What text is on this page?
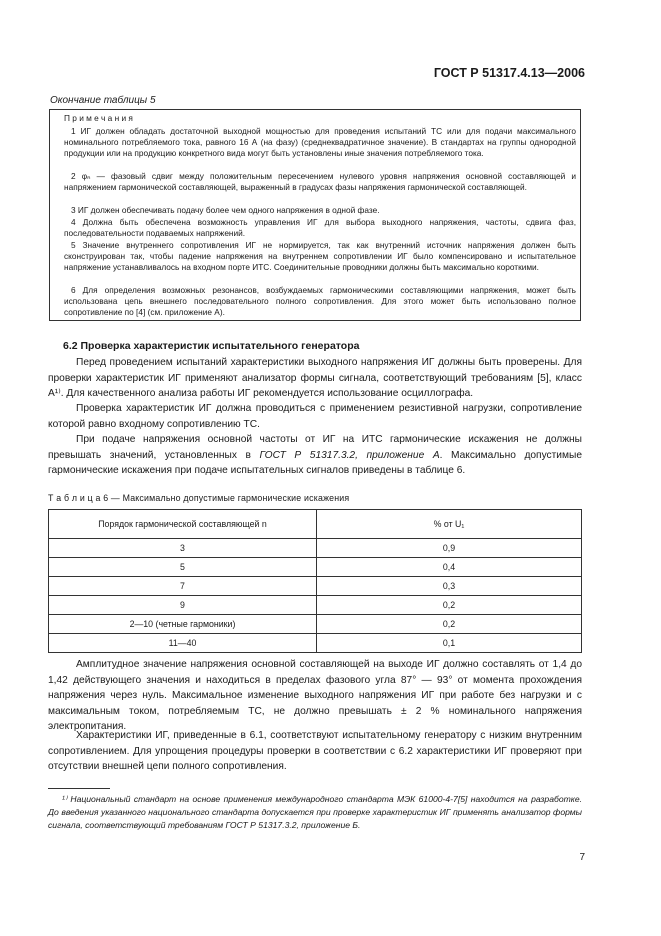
ГОСТ Р 51317.4.13—2006
Окончание таблицы 5
П р и м е ч а н и я
1 ИГ должен обладать достаточной выходной мощностью для проведения испытаний ТС или для подачи максимального номинального потребляемого тока, равного 16 А (на фазу) (среднеквадратичное значение). В стандартах на группы однородной продукции или на продукцию конкретного вида могут быть установлены иные значения потребляемого тока.
2 φₙ — фазовый сдвиг между положительным пересечением нулевого уровня напряжения основной составляющей и напряжением гармонической составляющей, выраженный в градусах фазы напряжения гармонической составляющей.
3 ИГ должен обеспечивать подачу более чем одного напряжения в одной фазе.
4 Должна быть обеспечена возможность управления ИГ для выбора выходного напряжения, частоты, сдвига фаз, последовательности подаваемых напряжений.
5 Значение внутреннего сопротивления ИГ не нормируется, так как внутренний источник напряжения должен быть сконструирован так, чтобы падение напряжения на внутреннем сопротивлении ИГ было компенсировано и испытательное напряжение устанавливалось на входном порте ИТС. Соединительные проводники должны быть максимально короткими.
6 Для определения возможных резонансов, возбуждаемых гармоническими составляющими напряжения, может быть использована цепь внешнего последовательного полного сопротивления. Для этого может быть использовано полное сопротивление по [4] (см. приложение А).
6.2 Проверка характеристик испытательного генератора
Перед проведением испытаний характеристики выходного напряжения ИГ должны быть проверены. Для проверки характеристик ИГ применяют анализатор формы сигнала, соответствующий требованиям [5], класс А¹⁾. Для качественного анализа работы ИГ рекомендуется использование осциллографа.
Проверка характеристик ИГ должна проводиться с применением резистивной нагрузки, сопротивление которой равно входному сопротивлению ТС.
При подаче напряжения основной частоты от ИГ на ИТС гармонические искажения не должны превышать значений, установленных в ГОСТ Р 51317.3.2, приложение А. Максимально допустимые гармонические искажения при подаче испытательных сигналов приведены в таблице 6.
Т а б л и ц а 6 — Максимально допустимые гармонические искажения
Порядок гармонической составляющей n	% от U₁
3	0,9
5	0,4
7	0,3
9	0,2
2—10 (четные гармоники)	0,2
11—40	0,1
Амплитудное значение напряжения основной составляющей на выходе ИГ должно составлять от 1,4 до 1,42 действующего значения и находиться в пределах фазового угла 87° — 93° от момента прохождения напряжения через нуль. Максимальное изменение выходного напряжения ИГ при работе без нагрузки и с максимальным током, потребляемым ТС, не должно превышать ± 2 % номинального напряжения электропитания.
Характеристики ИГ, приведенные в 6.1, соответствуют испытательному генератору с низким внутренним сопротивлением. Для упрощения процедуры проверки в соответствии с 6.2 характеристики ИГ проверяют при отсутствии внешней цепи полного сопротивления.
¹⁾ Национальный стандарт на основе применения международного стандарта МЭК 61000-4-7[5] находится на разработке. До введения указанного национального стандарта допускается при проверке характеристик ИГ применять анализатор формы сигнала, соответствующий требованиям ГОСТ Р 51317.3.2, приложение Б.
7
